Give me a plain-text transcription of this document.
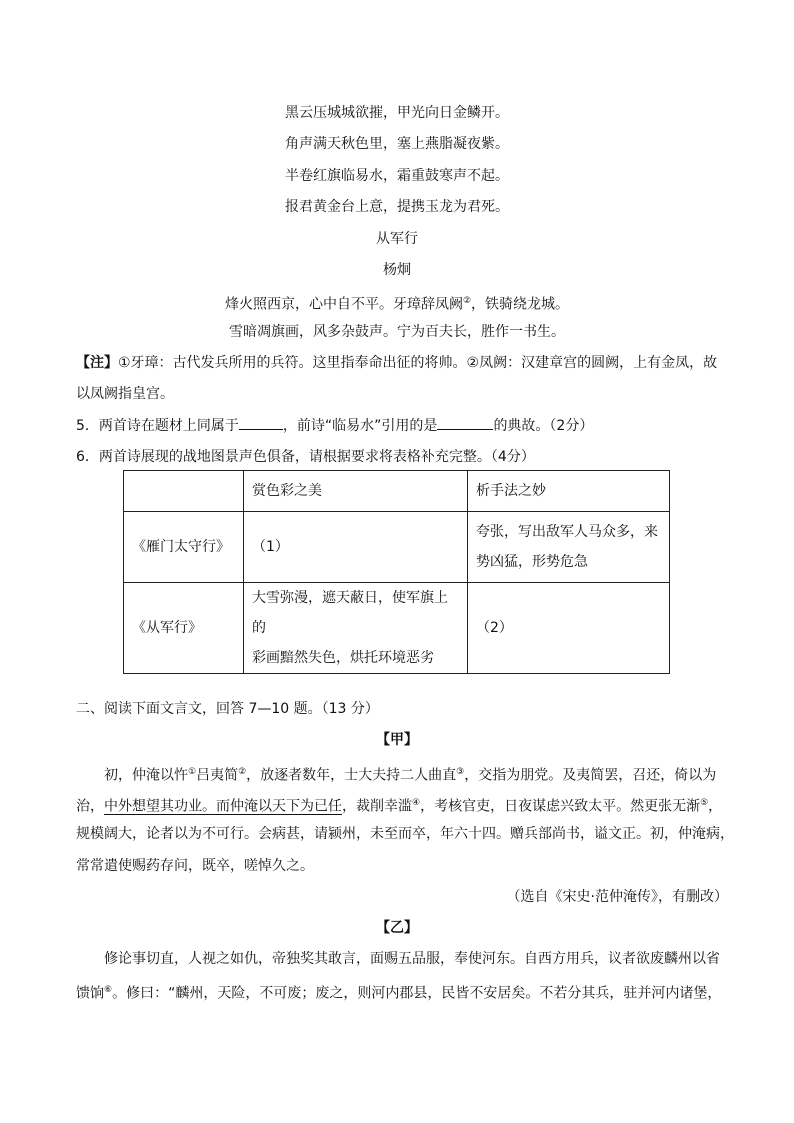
黑云压城城欲摧，甲光向日金鳞开。
角声满天秋色里，塞上燕脂凝夜紫。
半卷红旗临易水，霜重鼓寒声不起。
报君黄金台上意，提携玉龙为君死。
从军行
杨炯
烽火照西京，心中自不平。牙璋辞凤阙②，铁骑绕龙城。
雪暗凋旗画，风多杂鼓声。宁为百夫长，胜作一书生。
【注】①牙璋：古代发兵所用的兵符。这里指奉命出征的将帅。②凤阙：汉建章宫的圆阙，上有金凤，故
以凤阙指皇宫。
5．两首诗在题材上同属于	，前诗“临易水”引用的是	的典故。（2分）
6．两首诗展现的战地图景声色俱备，请根据要求将表格补充完整。（4分）
	赏色彩之美	析手法之妙
《雁门太守行》	（1）	夸张，写出敌军人马众多，来
势凶猛，形势危急

《从军行》	大雪弥漫，遮天蔽日，使军旗上的
彩画黯然失色，烘托环境恶劣	（2）
二、阅读下面文言文，回答 7—10 题。（13 分）
【甲】
初，仲淹以忤①吕夷简②，放逐者数年，士大夫持二人曲直③，交指为朋党。及夷简罢，召还，倚以为
治，中外想望其功业。而仲淹以天下为已任，裁削幸滥④，考核官吏，日夜谋虑兴致太平。然更张无渐⑤，
规模阔大，论者以为不可行。会病甚，请颍州，未至而卒，年六十四。赠兵部尚书，谥文正。初，仲淹病，
常常遣使赐药存问，既卒，嗟悼久之。
（选自《宋史·范仲淹传》，有删改）
【乙】
修论事切直，人视之如仇，帝独奖其敢言，面赐五品服，奉使河东。自西方用兵，议者欲废麟州以省
馈饷⑥。修曰：“麟州，天险，不可废；废之，则河内郡县，民皆不安居矣。不若分其兵，驻并河内诸堡，
